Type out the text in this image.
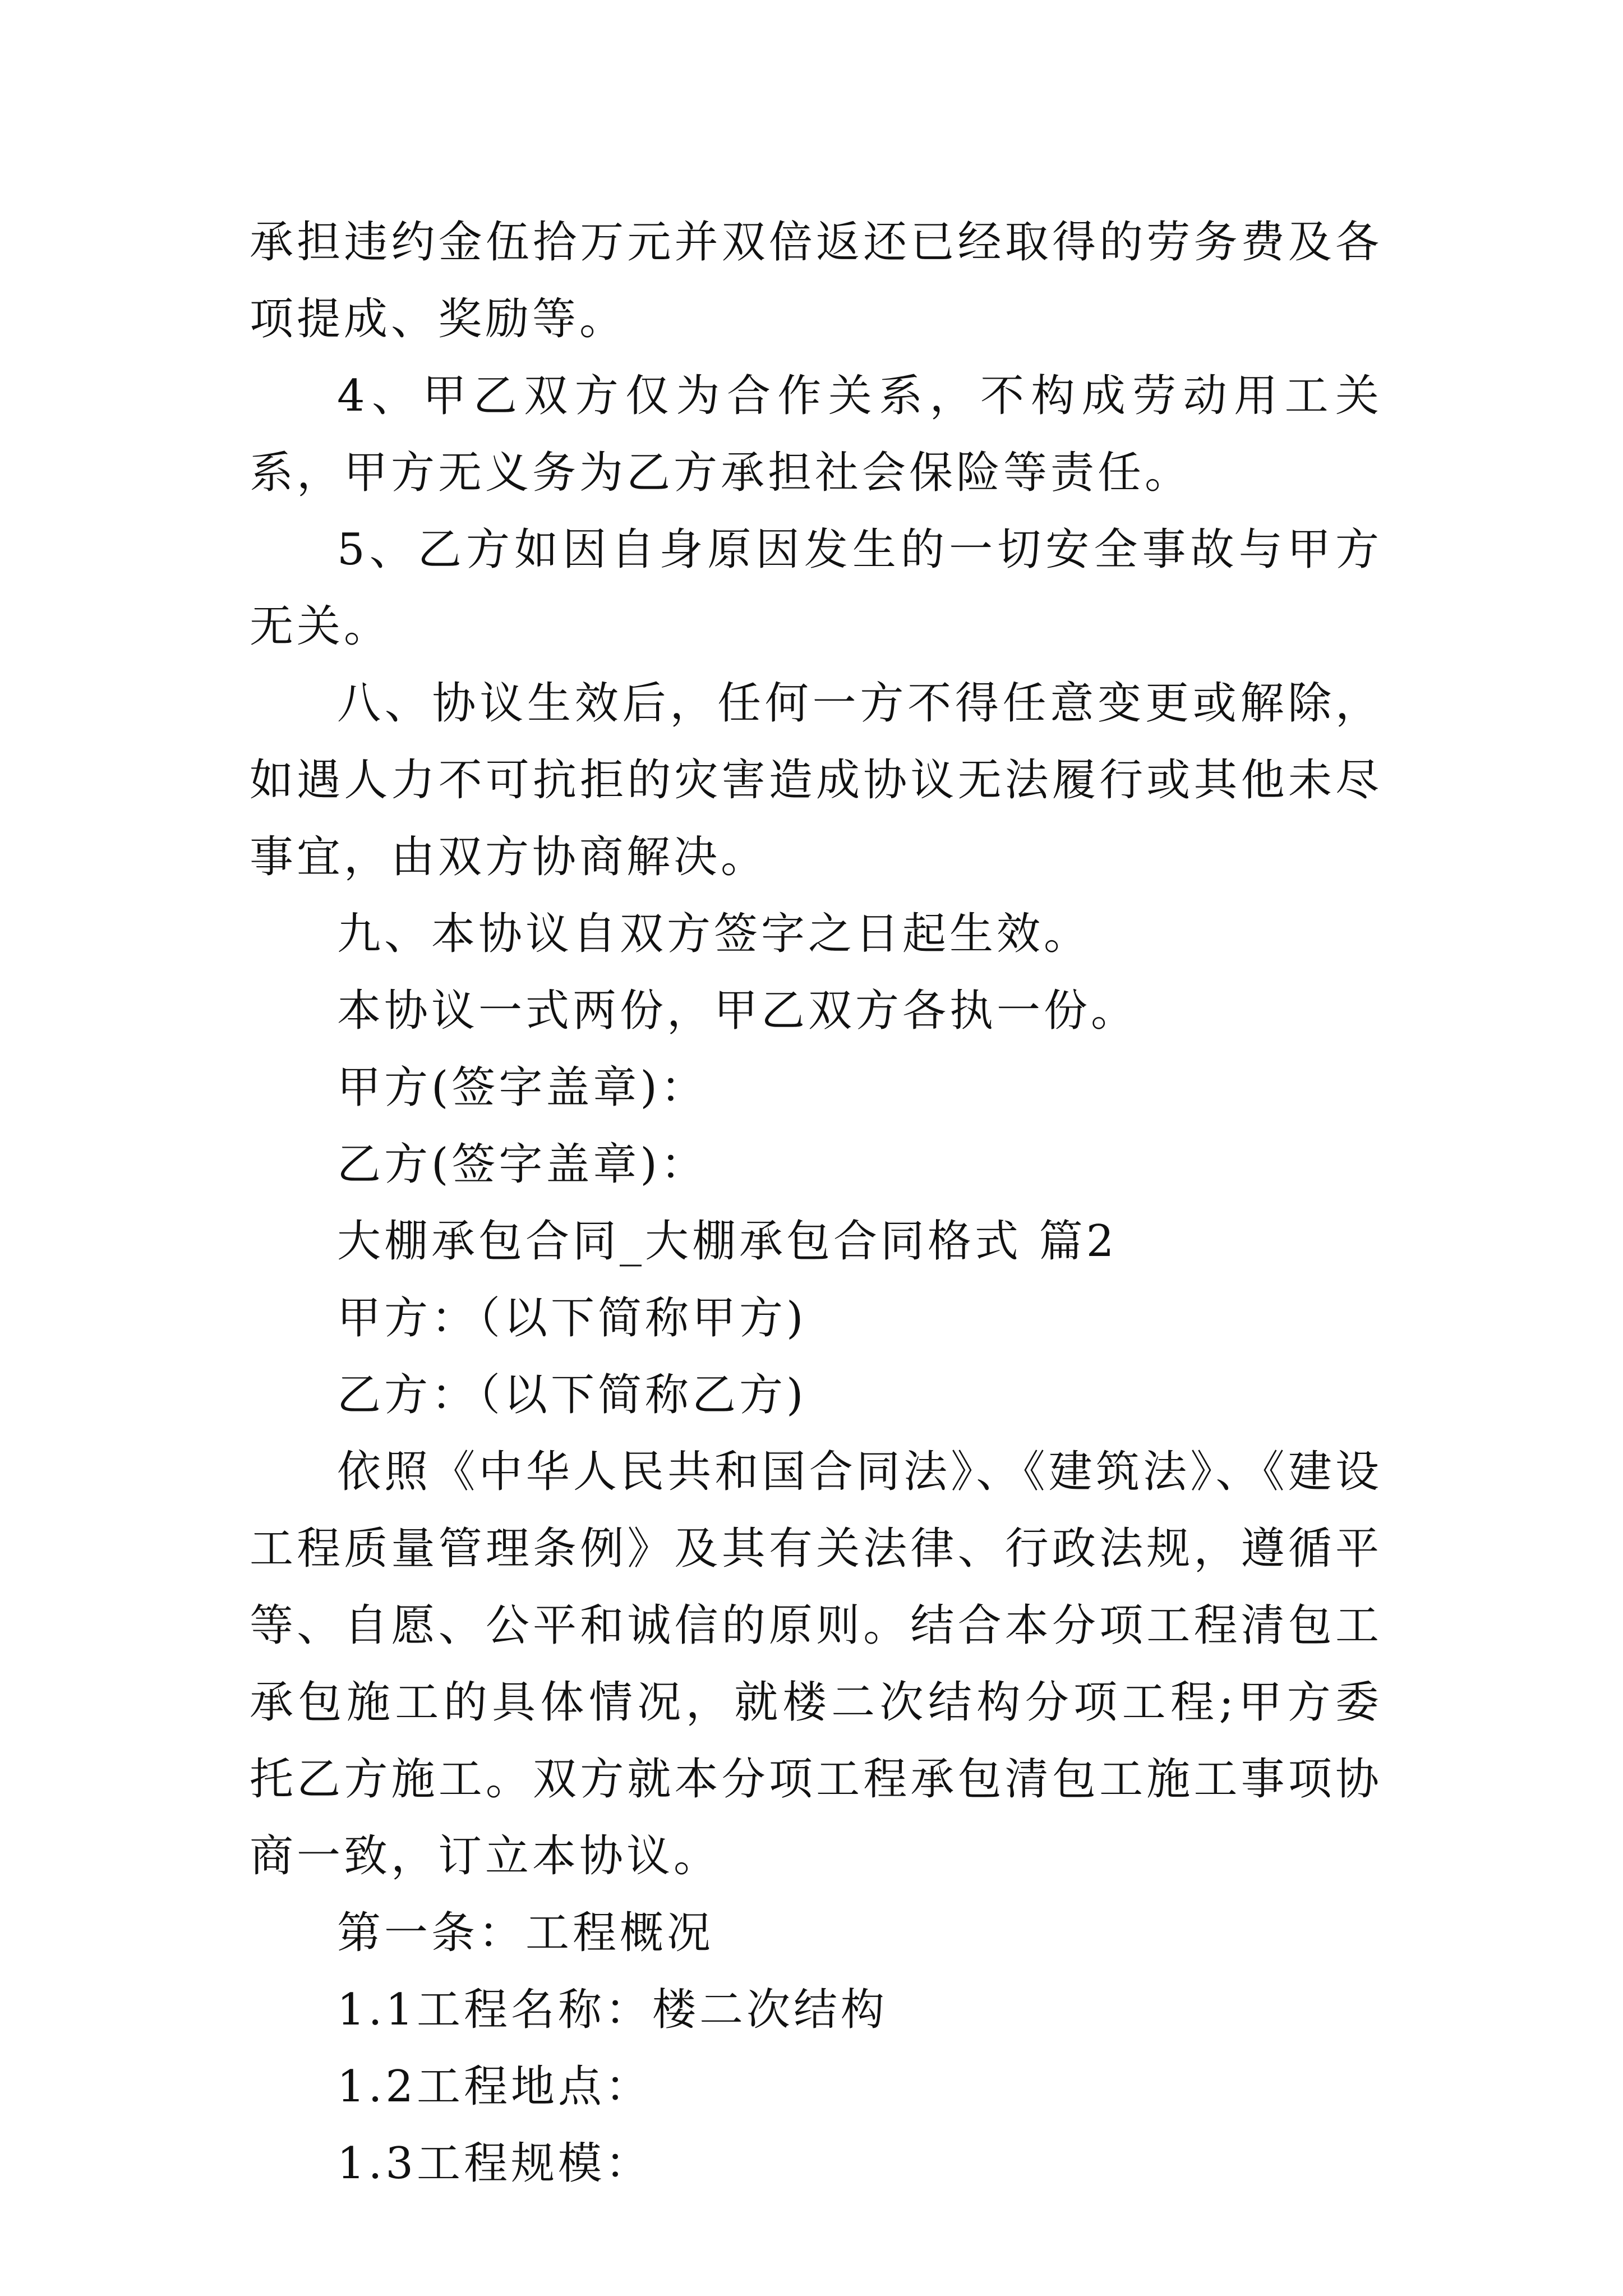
承担违约金伍拾万元并双倍返还已经取得的劳务费及各项提成、奖励等。

4、甲乙双方仅为合作关系，不构成劳动用工关系，甲方无义务为乙方承担社会保险等责任。

5、乙方如因自身原因发生的一切安全事故与甲方无关。

八、协议生效后，任何一方不得任意变更或解除，如遇人力不可抗拒的灾害造成协议无法履行或其他未尽事宜，由双方协商解决。

九、本协议自双方签字之日起生效。

本协议一式两份，甲乙双方各执一份。

甲方(签字盖章)：

乙方(签字盖章)：

大棚承包合同_大棚承包合同格式 篇2

甲方：（以下简称甲方)

乙方：（以下简称乙方)

依照《中华人民共和国合同法》、《建筑法》、《建设工程质量管理条例》及其有关法律、行政法规，遵循平等、自愿、公平和诚信的原则。结合本分项工程清包工承包施工的具体情况，就楼二次结构分项工程;甲方委托乙方施工。双方就本分项工程承包清包工施工事项协商一致，订立本协议。

第一条：工程概况

1.1工程名称：楼二次结构

1.2工程地点：

1.3工程规模：
